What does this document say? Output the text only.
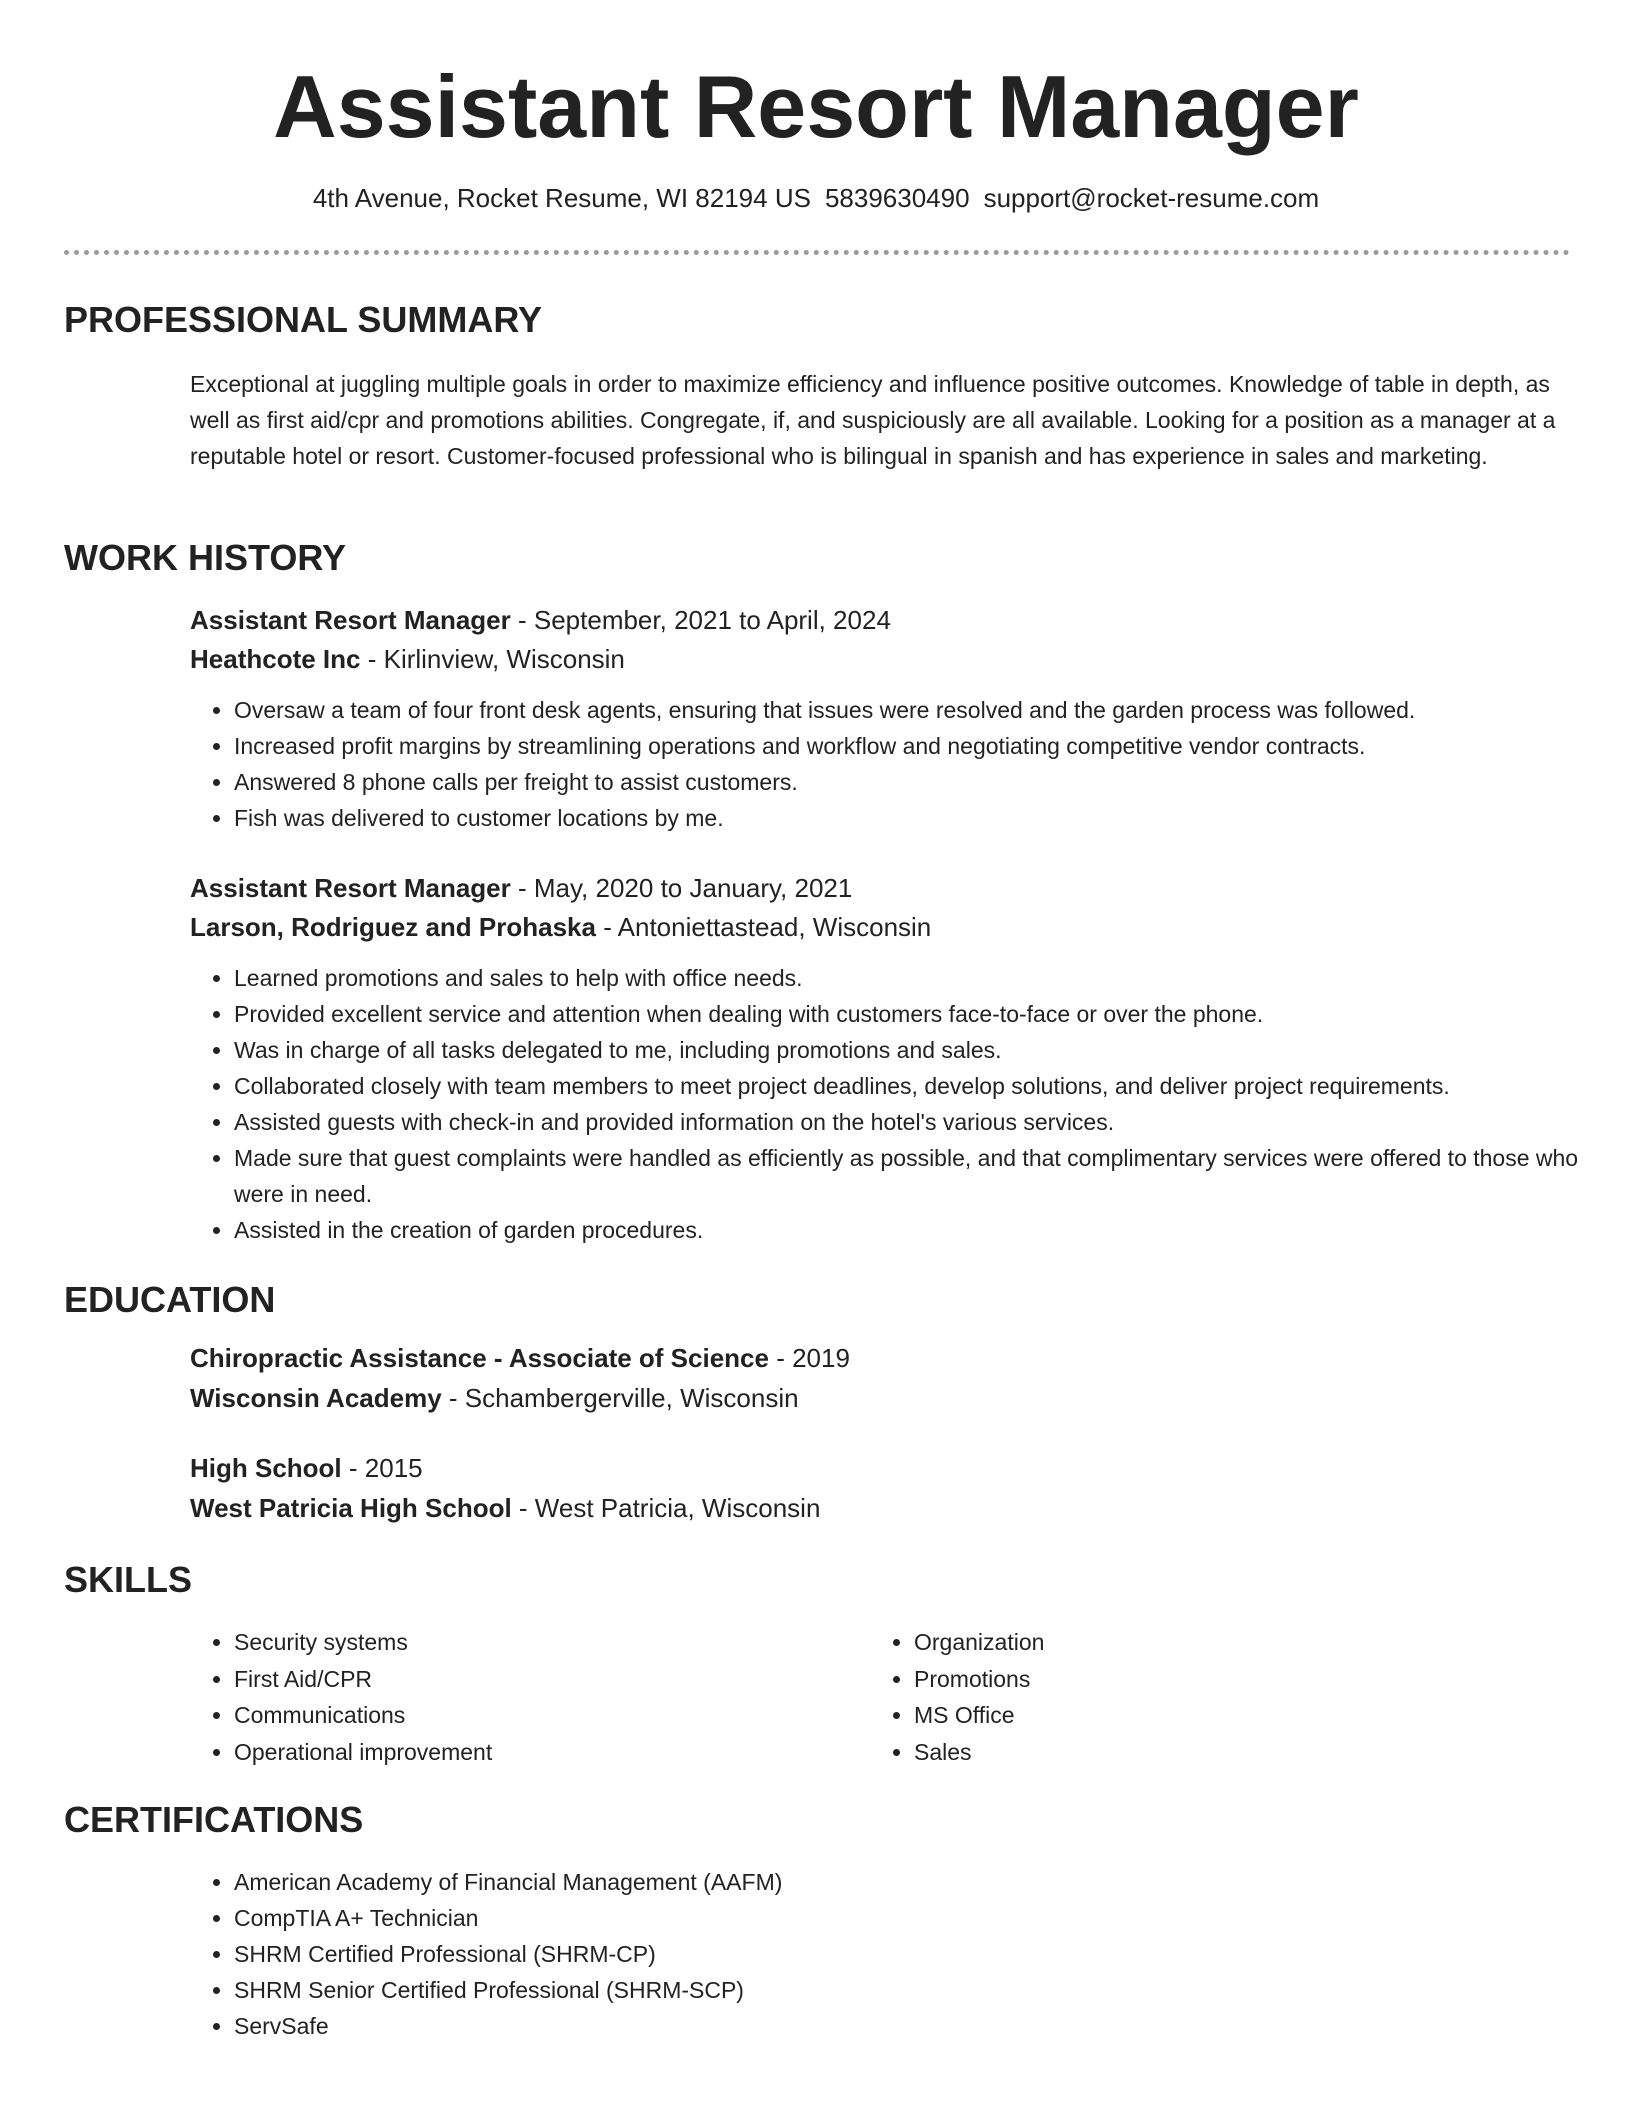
Assistant Resort Manager
4th Avenue, Rocket Resume, WI 82194 US 5839630490 support@rocket-resume.com
PROFESSIONAL SUMMARY
Exceptional at juggling multiple goals in order to maximize efficiency and influence positive outcomes. Knowledge of table in depth, as well as first aid/cpr and promotions abilities. Congregate, if, and suspiciously are all available. Looking for a position as a manager at a reputable hotel or resort. Customer-focused professional who is bilingual in spanish and has experience in sales and marketing.
WORK HISTORY
Assistant Resort Manager - September, 2021 to April, 2024
Heathcote Inc - Kirlinview, Wisconsin
• Oversaw a team of four front desk agents, ensuring that issues were resolved and the garden process was followed.
• Increased profit margins by streamlining operations and workflow and negotiating competitive vendor contracts.
• Answered 8 phone calls per freight to assist customers.
• Fish was delivered to customer locations by me.
Assistant Resort Manager - May, 2020 to January, 2021
Larson, Rodriguez and Prohaska - Antoniettastead, Wisconsin
• Learned promotions and sales to help with office needs.
• Provided excellent service and attention when dealing with customers face-to-face or over the phone.
• Was in charge of all tasks delegated to me, including promotions and sales.
• Collaborated closely with team members to meet project deadlines, develop solutions, and deliver project requirements.
• Assisted guests with check-in and provided information on the hotel's various services.
• Made sure that guest complaints were handled as efficiently as possible, and that complimentary services were offered to those who were in need.
• Assisted in the creation of garden procedures.
EDUCATION
Chiropractic Assistance - Associate of Science - 2019
Wisconsin Academy - Schambergerville, Wisconsin
High School - 2015
West Patricia High School - West Patricia, Wisconsin
SKILLS
• Security systems
• First Aid/CPR
• Communications
• Operational improvement
• Organization
• Promotions
• MS Office
• Sales
CERTIFICATIONS
• American Academy of Financial Management (AAFM)
• CompTIA A+ Technician
• SHRM Certified Professional (SHRM-CP)
• SHRM Senior Certified Professional (SHRM-SCP)
• ServSafe
